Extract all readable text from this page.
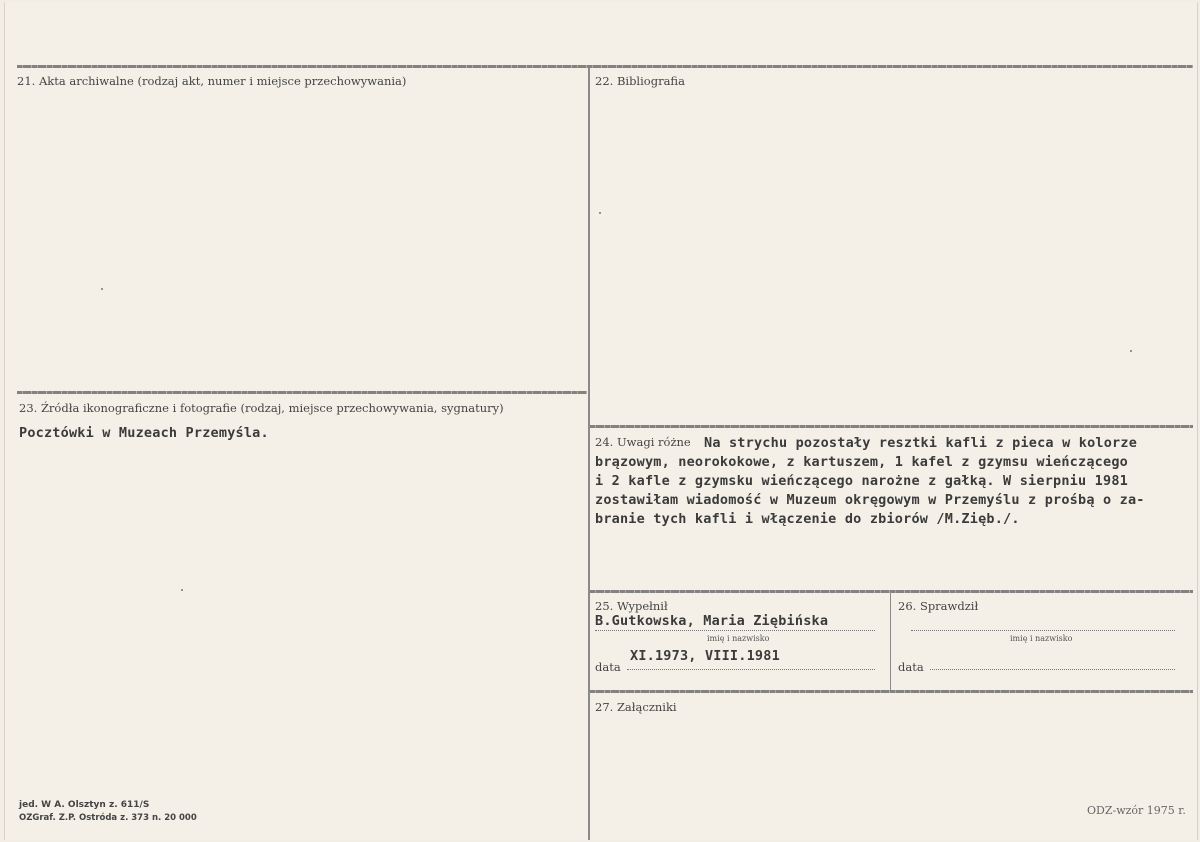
21. Akta archiwalne (rodzaj akt, numer i miejsce przechowywania)	22. Bibliografia
23. Źródła ikonograficzne i fotografie (rodzaj, miejsce przechowywania, sygnatury)
Pocztówki w Muzeach Przemyśla.
24. Uwagi różne Na strychu pozostały resztki kafli z pieca w kolorze
brązowym, neorokokowe, z kartuszem, 1 kafel z gzymsu wieńczącego
i 2 kafle z gzymsku wieńczącego narożne z gałką. W sierpniu 1981
zostawiłam wiadomość w Muzeum okręgowym w Przemyślu z prośbą o za-
branie tych kafli i włączenie do zbiorów /M.Zięb./.
25. Wypełnił
B.Gutkowska, Maria Ziębińska
imię i nazwisko
XI.1973, VIII.1981
data
26. Sprawdził
imię i nazwisko
data
27. Załączniki
jed. W A. Olsztyn z. 611/S
OZGraf. Z.P. Ostróda z. 373 n. 20 000
ODZ-wzór 1975 r.
